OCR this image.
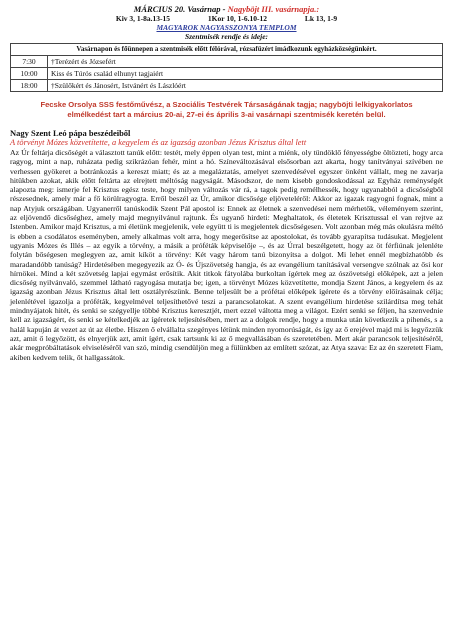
MÁRCIUS 20. Vasárnap - Nagyböjt III. vasárnapja.:
Kiv 3, 1-8a.13-15	1Kor 10, 1-6.10-12	Lk 13, 1-9
MAGYAROK NAGYASSZONYA TEMPLOM
Szentmisék rendje és ideje:
Vasárnapon és főünnepen a szentmisék előtt félórával, rózsafüzért imádkozunk egyházközségünkért.	
7:30	†Terézért és Józsefért
10:00	Kiss és Túrós család elhunyt tagjaiért
18:00	†Szülőkért és Jánosért, Istvánért és Lászlóért
Fecske Orsolya SSS festőművész, a Szociális Testvérek Társaságának tagja; nagyböjti lelkigyakorlatos elmélkedést tart a március 20-ai, 27-ei és április 3-ai vasárnapi szentmisék keretén belül.
Nagy Szent Leó pápa beszédeiből
A törvényt Mózes közvetítette, a kegyelem és az igazság azonban Jézus Krisztus által lett

Az Úr feltárja dicsőségét a választott tanúk előtt: testét, mely éppen olyan test, mint a miénk, oly tündöklő fényességbe öltözteti, hogy arca ragyog, mint a nap, ruházata pedig szikrázóan fehér, mint a hó. Színeváltozásával elsősorban azt akarta, hogy tanítványai szívében ne verhessen gyökeret a botránkozás a kereszt miatt; és az a megaláztatás, amelyet szenvedésével egyszer önként vállalt, meg ne zavarja hitükben azokat, akik előtt feltárta az elrejtett méltóság nagyságát. Másodszor, de nem kisebb gondoskodással az Egyház reménységét alapozta meg: ismerje fel Krisztus egész teste, hogy milyen változás vár rá, a tagok pedig remélhessék, hogy ugyanabból a dicsőségből részesednek, amely már a fő körülragyogta. Erről beszél az Úr, amikor dicsősége eljöveteléről: Akkor az igazak ragyogni fognak, mint a nap Atyjuk országában. Ugyanerről tanúskodik Szent Pál apostol is: Ennek az életnek a szenvedései nem mérhetők, véleményem szerint, az eljövendő dicsőséghez, amely majd megnyilvánul rajtunk. És ugyanő hirdeti: Meghaltatok, és életetek Krisztussal el van rejtve az Istenben. Amikor majd Krisztus, a mi életünk megjelenik, vele együtt ti is megjelentek dicsőségesen. Volt azonban még más okulásra méltó is ebben a csodálatos eseményben, amely alkalmas volt arra, hogy megerősítse az apostolokat, és tovább gyarapítsa tudásukat. Megjelent ugyanis Mózes és Illés – az egyik a törvény, a másik a próféták képviselője –, és az Úrral beszélgetett, hogy az öt férfiúnak jelenléte folytán bőségesen meglegyen az, amit kíköt a törvény: Két vagy három tanú bizonyítsa a dolgot. Mi lehet ennél megbízhatóbb és maradandóbb tanúság? Hirdetésében megegyezik az Ó- és Újszövetség hangja, és az evangélium tanításával versengve szólnak az ősi kor hírnökei. Mind a két szövetség lapjai egymást erősítik. Akit titkok fátyolába burkoltan ígértek meg az ószövetségi előképek, azt a jelen dicsőség nyilvánvaló, szemmel látható ragyogása mutatja be; igen, a törvényt Mózes közvetítette, mondja Szent János, a kegyelem és az igazság azonban Jézus Krisztus által lett osztályrészünk. Benne teljesült be a prófétai előképek ígérete és a törvény előírásainak célja; jelenlétével igazolja a próféták, kegyelmével teljesíthetővé teszi a parancsolatokat. A szent evangélium hirdetése szilárdítsa meg tehát mindnyájatok hitét, és senki se szégyellje többé Krisztus keresztjét, mert ezzel váltotta meg a világot. Ezért senki se féljen, ha szenvednie kell az igazságért, és senki se kételkedjék az ígéretek teljesítésében, mert az a dolgok rendje, hogy a munka után következik a pihenés, s a halál kapuján át vezet az út az életbe. Hiszen ő elvállalta szegényes létünk minden nyomorúságát, és így az ő erejével majd mi is legyőzzük azt, amit ő legyőzött, és elnyerjük azt, amit ígért, csak tartsunk ki az ő megvallásában és szeretetében. Mert akár parancsok teljesítéséről, akár megpróbáltatások elviseléséről van szó, mindig csendüljön meg a fülünkben az említett szózat, az Atya szava: Ez az én szeretett Fiam, akiben kedvem telik, őt hallgassátok.
